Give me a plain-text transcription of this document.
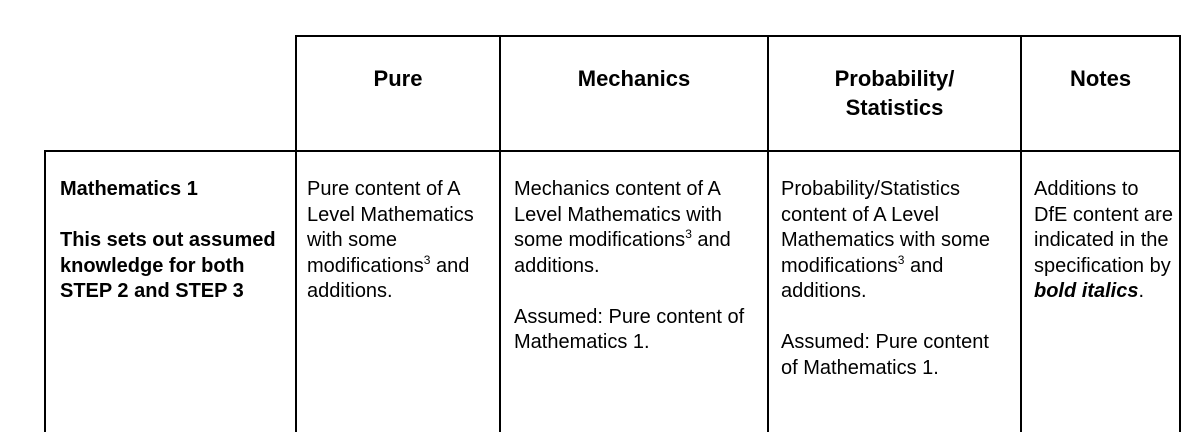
Pure	Mechanics	Probability/
Statistics
Notes
Mathematics 1
This sets out assumed knowledge for both STEP 2 and STEP 3
Pure content of A Level Mathematics with some modifications$^3$ and additions.
Mechanics content of A Level Mathematics with some modifications$^3$ and additions.
Assumed: Pure content of Mathematics 1.
Probability/Statistics content of A Level Mathematics with some modifications$^3$ and additions.
Assumed: Pure content of Mathematics 1.
Additions to DfE content are indicated in the specification by bold italics.
